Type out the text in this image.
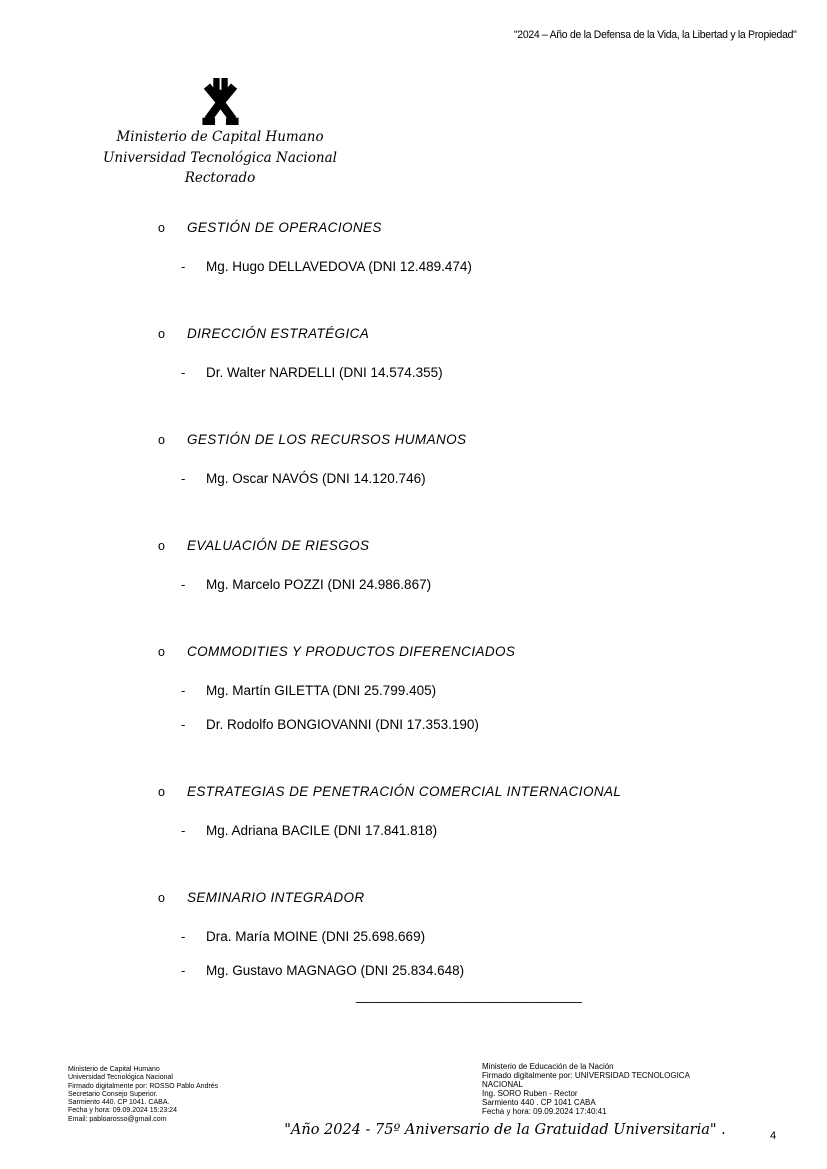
"2024 – Año de la Defensa de la Vida, la Libertad y la Propiedad"
Ministerio de Capital Humano
Universidad Tecnológica Nacional
Rectorado
o	GESTIÓN DE OPERACIONES
-	Mg. Hugo DELLAVEDOVA (DNI 12.489.474)
o	DIRECCIÓN ESTRATÉGICA
-	Dr. Walter NARDELLI (DNI 14.574.355)
o	GESTIÓN DE LOS RECURSOS HUMANOS
-	Mg. Oscar NAVÓS (DNI 14.120.746)
o	EVALUACIÓN DE RIESGOS
-	Mg. Marcelo POZZI (DNI 24.986.867)
o	COMMODITIES Y PRODUCTOS DIFERENCIADOS
-	Mg. Martín GILETTA (DNI 25.799.405)
-	Dr. Rodolfo BONGIOVANNI (DNI 17.353.190)
o	ESTRATEGIAS DE PENETRACIÓN COMERCIAL INTERNACIONAL
-	Mg. Adriana BACILE (DNI 17.841.818)
o	SEMINARIO INTEGRADOR
-	Dra. María MOINE (DNI 25.698.669)
-	Mg. Gustavo MAGNAGO (DNI 25.834.648)
_____________________________
Ministerio de Capital Humano
Universidad Tecnológica Nacional
Firmado digitalmente por: ROSSO Pablo Andrés
Secretario Consejo Superior.
Sarmiento 440. CP 1041. CABA.
Fecha y hora: 09.09.2024 15:23:24
Email: pabloarosso@gmail.com
Ministerio de Educación de la Nación
Firmado digitalmente por: UNIVERSIDAD TECNOLOGICA
NACIONAL
Ing. SORO Ruben - Rector
Sarmiento 440 . CP 1041 CABA
Fecha y hora: 09.09.2024 17:40:41
"Año 2024 - 75º Aniversario de la Gratuidad Universitaria" .	4
